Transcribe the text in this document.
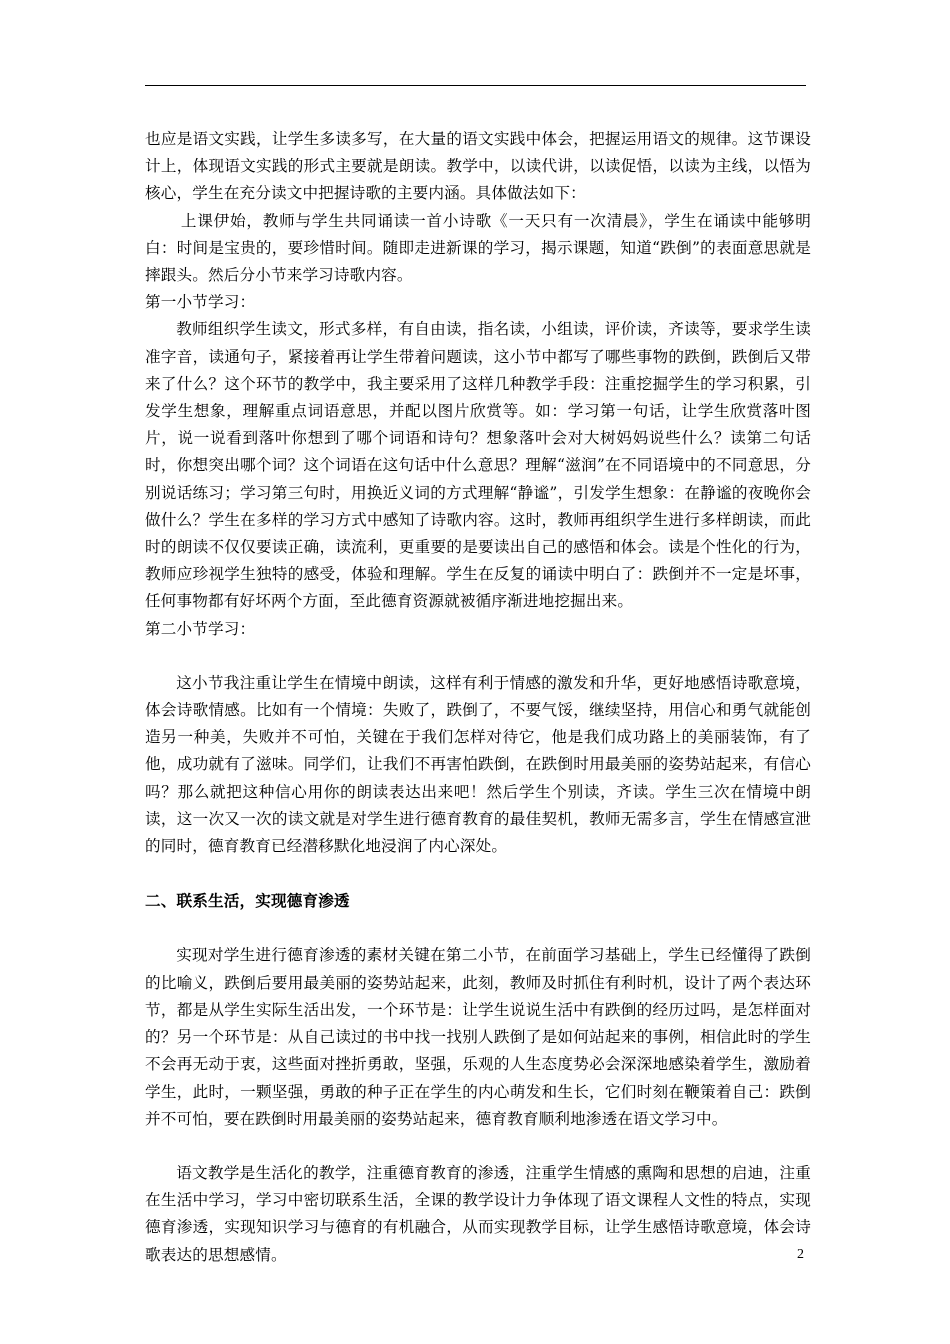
也应是语文实践，让学生多读多写，在大量的语文实践中体会，把握运用语文的规律。这节课设计上，体现语文实践的形式主要就是朗读。教学中，以读代讲，以读促悟，以读为主线，以悟为核心，学生在充分读文中把握诗歌的主要内涵。具体做法如下：

上课伊始，教师与学生共同诵读一首小诗歌《一天只有一次清晨》，学生在诵读中能够明白：时间是宝贵的，要珍惜时间。随即走进新课的学习，揭示课题，知道“跌倒”的表面意思就是摔跟头。然后分小节来学习诗歌内容。

第一小节学习：

教师组织学生读文，形式多样，有自由读，指名读，小组读，评价读，齐读等，要求学生读准字音，读通句子，紧接着再让学生带着问题读，这小节中都写了哪些事物的跌倒，跌倒后又带来了什么？这个环节的教学中，我主要采用了这样几种教学手段：注重挖掘学生的学习积累，引发学生想象，理解重点词语意思，并配以图片欣赏等。如：学习第一句话，让学生欣赏落叶图片，说一说看到落叶你想到了哪个词语和诗句？想象落叶会对大树妈妈说些什么？读第二句话时，你想突出哪个词？这个词语在这句话中什么意思？理解“滋润”在不同语境中的不同意思，分别说话练习；学习第三句时，用换近义词的方式理解“静谧”，引发学生想象：在静谧的夜晚你会做什么？学生在多样的学习方式中感知了诗歌内容。这时，教师再组织学生进行多样朗读，而此时的朗读不仅仅要读正确，读流利，更重要的是要读出自己的感悟和体会。读是个性化的行为，教师应珍视学生独特的感受，体验和理解。学生在反复的诵读中明白了：跌倒并不一定是坏事，任何事物都有好坏两个方面，至此德育资源就被循序渐进地挖掘出来。

第二小节学习：

这小节我注重让学生在情境中朗读，这样有利于情感的激发和升华，更好地感悟诗歌意境，体会诗歌情感。比如有一个情境：失败了，跌倒了，不要气馁，继续坚持，用信心和勇气就能创造另一种美，失败并不可怕，关键在于我们怎样对待它，他是我们成功路上的美丽装饰，有了他，成功就有了滋味。同学们，让我们不再害怕跌倒，在跌倒时用最美丽的姿势站起来，有信心吗？那么就把这种信心用你的朗读表达出来吧！然后学生个别读，齐读。学生三次在情境中朗读，这一次又一次的读文就是对学生进行德育教育的最佳契机，教师无需多言，学生在情感宣泄的同时，德育教育已经潜移默化地浸润了内心深处。

二、联系生活，实现德育渗透

实现对学生进行德育渗透的素材关键在第二小节，在前面学习基础上，学生已经懂得了跌倒的比喻义，跌倒后要用最美丽的姿势站起来，此刻，教师及时抓住有利时机，设计了两个表达环节，都是从学生实际生活出发，一个环节是：让学生说说生活中有跌倒的经历过吗，是怎样面对的？另一个环节是：从自己读过的书中找一找别人跌倒了是如何站起来的事例，相信此时的学生不会再无动于衷，这些面对挫折勇敢，坚强，乐观的人生态度势必会深深地感染着学生，激励着学生，此时，一颗坚强，勇敢的种子正在学生的内心萌发和生长，它们时刻在鞭策着自己：跌倒并不可怕，要在跌倒时用最美丽的姿势站起来，德育教育顺利地渗透在语文学习中。

语文教学是生活化的教学，注重德育教育的渗透，注重学生情感的熏陶和思想的启迪，注重在生活中学习，学习中密切联系生活，全课的教学设计力争体现了语文课程人文性的特点，实现德育渗透，实现知识学习与德育的有机融合，从而实现教学目标，让学生感悟诗歌意境，体会诗歌表达的思想感情。	2
